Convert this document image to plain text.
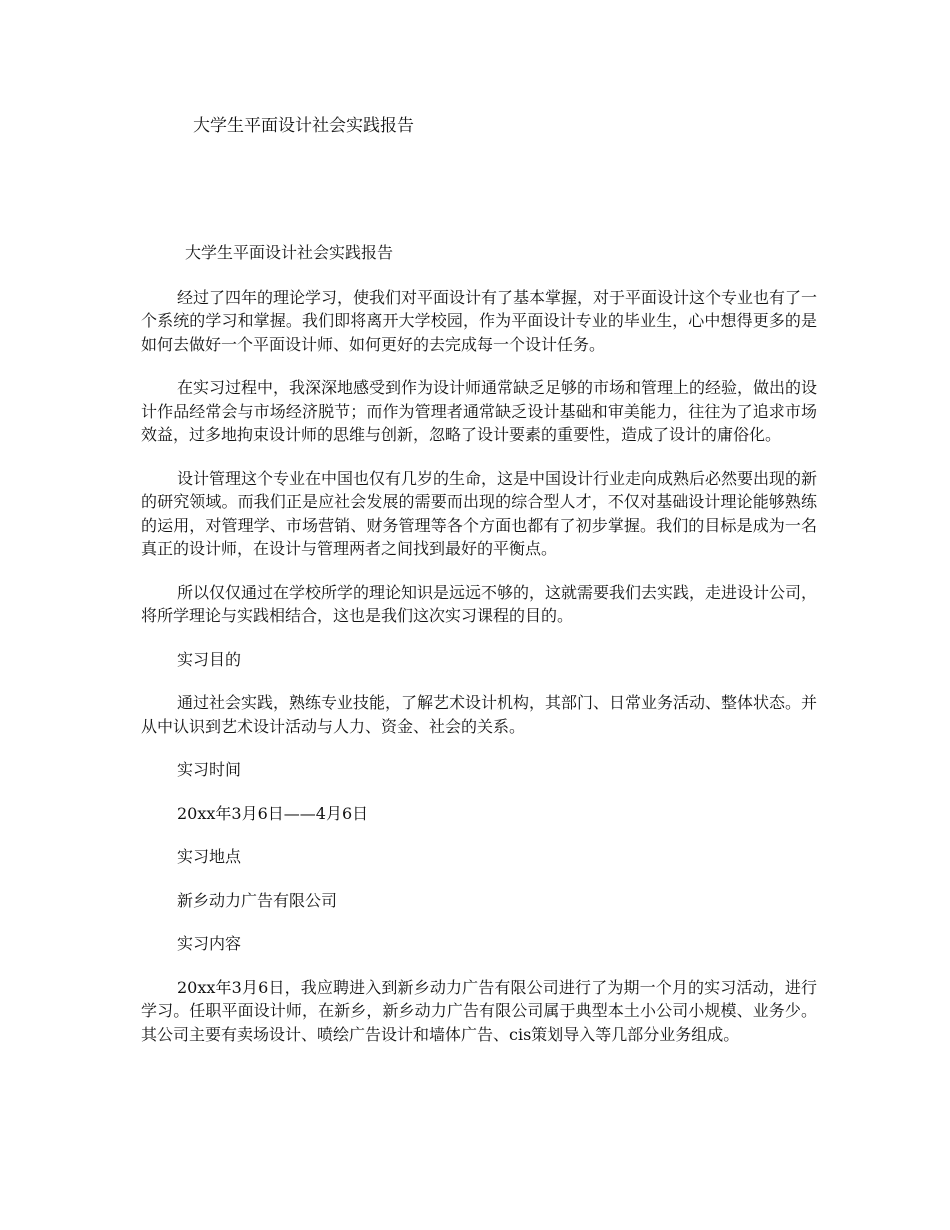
大学生平面设计社会实践报告

大学生平面设计社会实践报告

经过了四年的理论学习，使我们对平面设计有了基本掌握，对于平面设计这个专业也有了一个系统的学习和掌握。我们即将离开大学校园，作为平面设计专业的毕业生，心中想得更多的是如何去做好一个平面设计师、如何更好的去完成每一个设计任务。

在实习过程中，我深深地感受到作为设计师通常缺乏足够的市场和管理上的经验，做出的设计作品经常会与市场经济脱节；而作为管理者通常缺乏设计基础和审美能力，往往为了追求市场效益，过多地拘束设计师的思维与创新，忽略了设计要素的重要性，造成了设计的庸俗化。

设计管理这个专业在中国也仅有几岁的生命，这是中国设计行业走向成熟后必然要出现的新的研究领域。而我们正是应社会发展的需要而出现的综合型人才，不仅对基础设计理论能够熟练的运用，对管理学、市场营销、财务管理等各个方面也都有了初步掌握。我们的目标是成为一名真正的设计师，在设计与管理两者之间找到最好的平衡点。

所以仅仅通过在学校所学的理论知识是远远不够的，这就需要我们去实践，走进设计公司，将所学理论与实践相结合，这也是我们这次实习课程的目的。

实习目的

通过社会实践，熟练专业技能，了解艺术设计机构，其部门、日常业务活动、整体状态。并从中认识到艺术设计活动与人力、资金、社会的关系。

实习时间

20xx年3月6日——4月6日

实习地点

新乡动力广告有限公司

实习内容

20xx年3月6日，我应聘进入到新乡动力广告有限公司进行了为期一个月的实习活动，进行学习。任职平面设计师，在新乡，新乡动力广告有限公司属于典型本土小公司小规模、业务少。其公司主要有卖场设计、喷绘广告设计和墙体广告、cis策划导入等几部分业务组成。
